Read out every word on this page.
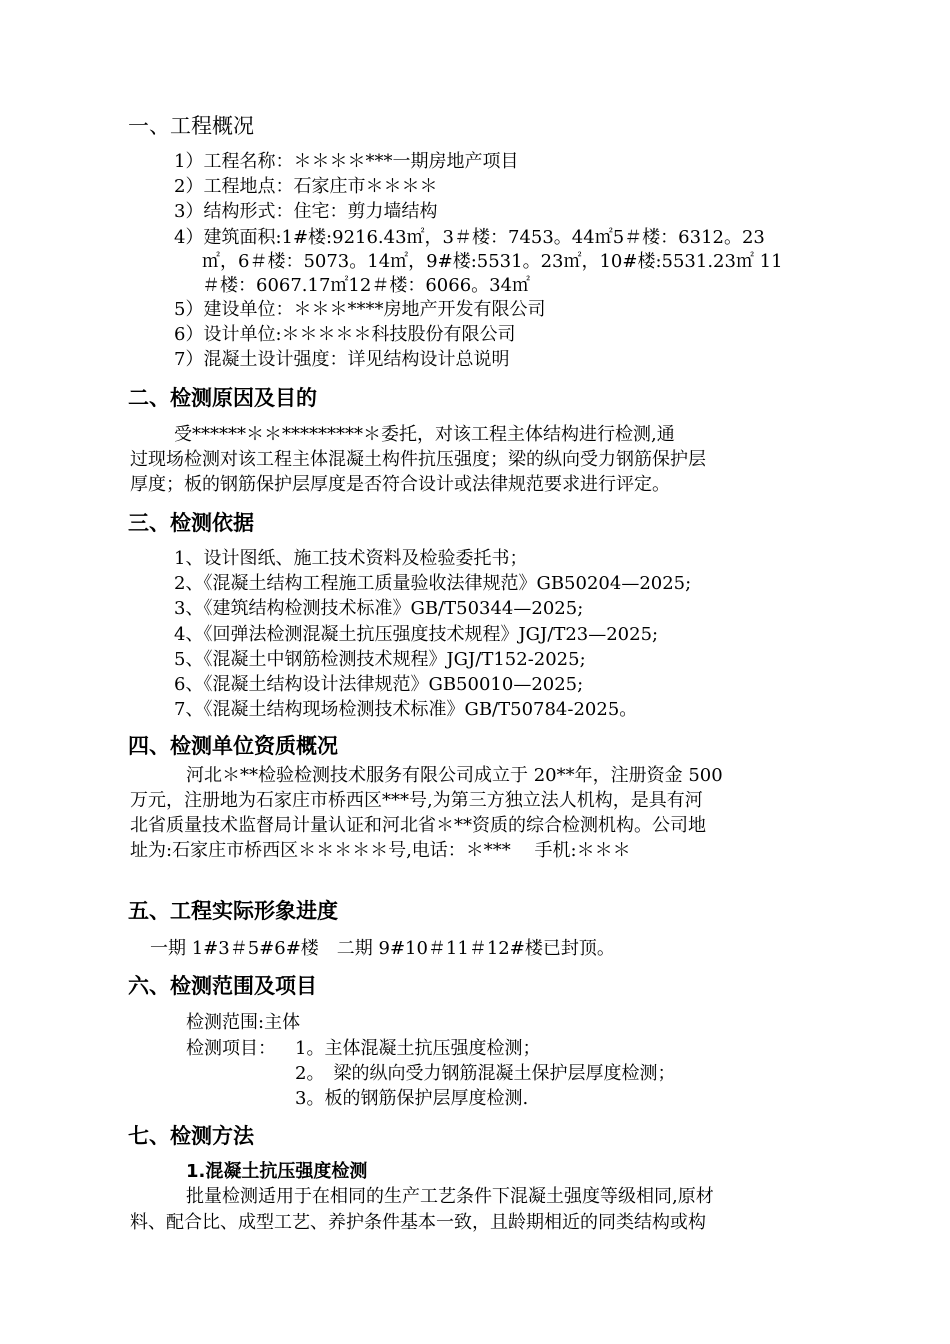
一、工程概况
1）工程名称：＊＊＊＊***一期房地产项目
2）工程地点：石家庄市＊＊＊＊
3）结构形式：住宅：剪力墙结构
4）建筑面积:1#楼:9216.43㎡，3＃楼：7453。44㎡5＃楼：6312。23
㎡，6＃楼：5073。14㎡，9#楼:5531。23㎡，10#楼:5531.23㎡ 11
＃楼：6067.17㎡12＃楼：6066。34㎡
5）建设单位：＊＊＊****房地产开发有限公司
6）设计单位:＊＊＊＊＊科技股份有限公司
7）混凝土设计强度：详见结构设计总说明
二、检测原因及目的
受******＊＊*********＊委托，对该工程主体结构进行检测,通
过现场检测对该工程主体混凝土构件抗压强度；梁的纵向受力钢筋保护层
厚度；板的钢筋保护层厚度是否符合设计或法律规范要求进行评定。
三、检测依据
1、设计图纸、施工技术资料及检验委托书；
2、《混凝土结构工程施工质量验收法律规范》GB50204—2025;
3、《建筑结构检测技术标准》GB/T50344—2025;
4、《回弹法检测混凝土抗压强度技术规程》JGJ/T23—2025;
5、《混凝土中钢筋检测技术规程》JGJ/T152-2025;
6、《混凝土结构设计法律规范》GB50010—2025;
7、《混凝土结构现场检测技术标准》GB/T50784-2025。
四、检测单位资质概况
河北＊**检验检测技术服务有限公司成立于 20**年，注册资金 500
万元，注册地为石家庄市桥西区***号,为第三方独立法人机构，是具有河
北省质量技术监督局计量认证和河北省＊**资质的综合检测机构。公司地
址为:石家庄市桥西区＊＊＊＊＊号,电话：＊***　 手机:＊＊＊
五、工程实际形象进度
一期 1#3＃5#6#楼　二期 9#10＃11＃12#楼已封顶。
六、检测范围及项目
检测范围:主体
检测项目： 1。主体混凝土抗压强度检测；
2。　梁的纵向受力钢筋混凝土保护层厚度检测；
3。板的钢筋保护层厚度检测.
七、检测方法
1.混凝土抗压强度检测
批量检测适用于在相同的生产工艺条件下混凝土强度等级相同,原材
料、配合比、成型工艺、养护条件基本一致，且龄期相近的同类结构或构
